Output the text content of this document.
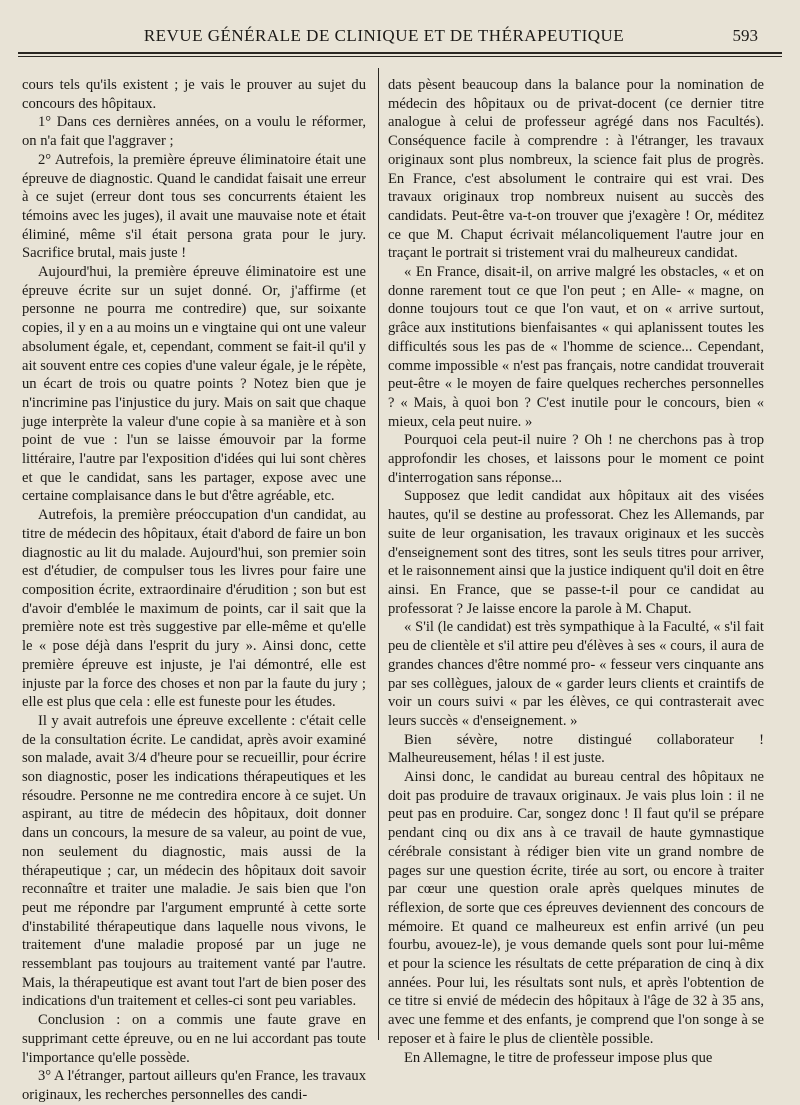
REVUE GÉNÉRALE DE CLINIQUE ET DE THÉRAPEUTIQUE	593

cours tels qu'ils existent ; je vais le prouver au sujet du concours des hôpitaux.

1° Dans ces dernières années, on a voulu le réformer, on n'a fait que l'aggraver ;

2° Autrefois, la première épreuve éliminatoire était une épreuve de diagnostic. Quand le candidat faisait une erreur à ce sujet (erreur dont tous ses concurrents étaient les témoins avec les juges), il avait une mauvaise note et était éliminé, même s'il était persona grata pour le jury. Sacrifice brutal, mais juste !

Aujourd'hui, la première épreuve éliminatoire est une épreuve écrite sur un sujet donné. Or, j'affirme (et personne ne pourra me contredire) que, sur soixante copies, il y en a au moins un e vingtaine qui ont une valeur absolument égale, et, cependant, comment se fait-il qu'il y ait souvent entre ces copies d'une valeur égale, je le répète, un écart de trois ou quatre points ? Notez bien que je n'incrimine pas l'injustice du jury. Mais on sait que chaque juge interprète la valeur d'une copie à sa manière et à son point de vue : l'un se laisse émouvoir par la forme littéraire, l'autre par l'exposition d'idées qui lui sont chères et que le candidat, sans les partager, expose avec une certaine complaisance dans le but d'être agréable, etc.

Autrefois, la première préoccupation d'un candidat, au titre de médecin des hôpitaux, était d'abord de faire un bon diagnostic au lit du malade. Aujourd'hui, son premier soin est d'étudier, de compulser tous les livres pour faire une composition écrite, extraordinaire d'érudition ; son but est d'avoir d'emblée le maximum de points, car il sait que la première note est très suggestive par elle-même et qu'elle le « pose déjà dans l'esprit du jury ». Ainsi donc, cette première épreuve est injuste, je l'ai démontré, elle est injuste par la force des choses et non par la faute du jury ; elle est plus que cela : elle est funeste pour les études.

Il y avait autrefois une épreuve excellente : c'était celle de la consultation écrite. Le candidat, après avoir examiné son malade, avait 3/4 d'heure pour se recueillir, pour écrire son diagnostic, poser les indications thérapeutiques et les résoudre. Personne ne me contredira encore à ce sujet. Un aspirant, au titre de médecin des hôpitaux, doit donner dans un concours, la mesure de sa valeur, au point de vue, non seulement du diagnostic, mais aussi de la thérapeutique ; car, un médecin des hôpitaux doit savoir reconnaître et traiter une maladie. Je sais bien que l'on peut me répondre par l'argument emprunté à cette sorte d'instabilité thérapeutique dans laquelle nous vivons, le traitement d'une maladie proposé par un juge ne ressemblant pas toujours au traitement vanté par l'autre. Mais, la thérapeutique est avant tout l'art de bien poser des indications d'un traitement et celles-ci sont peu variables.

Conclusion : on a commis une faute grave en supprimant cette épreuve, ou en ne lui accordant pas toute l'importance qu'elle possède.

3° A l'étranger, partout ailleurs qu'en France, les travaux originaux, les recherches personnelles des candi-

dats pèsent beaucoup dans la balance pour la nomination de médecin des hôpitaux ou de privat-docent (ce dernier titre analogue à celui de professeur agrégé dans nos Facultés). Conséquence facile à comprendre : à l'étranger, les travaux originaux sont plus nombreux, la science fait plus de progrès. En France, c'est absolument le contraire qui est vrai. Des travaux originaux trop nombreux nuisent au succès des candidats. Peut-être va-t-on trouver que j'exagère ! Or, méditez ce que M. Chaput écrivait mélancoliquement l'autre jour en traçant le portrait si tristement vrai du malheureux candidat.

« En France, disait-il, on arrive malgré les obstacles, « et on donne rarement tout ce que l'on peut ; en Alle- « magne, on donne toujours tout ce que l'on vaut, et on « arrive surtout, grâce aux institutions bienfaisantes « qui aplanissent toutes les difficultés sous les pas de « l'homme de science... Cependant, comme impossible « n'est pas français, notre candidat trouverait peut-être « le moyen de faire quelques recherches personnelles ? « Mais, à quoi bon ? C'est inutile pour le concours, bien « mieux, cela peut nuire. »

Pourquoi cela peut-il nuire ? Oh ! ne cherchons pas à trop approfondir les choses, et laissons pour le moment ce point d'interrogation sans réponse...

Supposez que ledit candidat aux hôpitaux ait des visées hautes, qu'il se destine au professorat. Chez les Allemands, par suite de leur organisation, les travaux originaux et les succès d'enseignement sont des titres, sont les seuls titres pour arriver, et le raisonnement ainsi que la justice indiquent qu'il doit en être ainsi. En France, que se passe-t-il pour ce candidat au professorat ? Je laisse encore la parole à M. Chaput.

« S'il (le candidat) est très sympathique à la Faculté, « s'il fait peu de clientèle et s'il attire peu d'élèves à ses « cours, il aura de grandes chances d'être nommé pro- « fesseur vers cinquante ans par ses collègues, jaloux de « garder leurs clients et craintifs de voir un cours suivi « par les élèves, ce qui contrasterait avec leurs succès « d'enseignement. »

Bien sévère, notre distingué collaborateur ! Malheureusement, hélas ! il est juste.

Ainsi donc, le candidat au bureau central des hôpitaux ne doit pas produire de travaux originaux. Je vais plus loin : il ne peut pas en produire. Car, songez donc ! Il faut qu'il se prépare pendant cinq ou dix ans à ce travail de haute gymnastique cérébrale consistant à rédiger bien vite un grand nombre de pages sur une question écrite, tirée au sort, ou encore à traiter par cœur une question orale après quelques minutes de réflexion, de sorte que ces épreuves deviennent des concours de mémoire. Et quand ce malheureux est enfin arrivé (un peu fourbu, avouez-le), je vous demande quels sont pour lui-même et pour la science les résultats de cette préparation de cinq à dix années. Pour lui, les résultats sont nuls, et après l'obtention de ce titre si envié de médecin des hôpitaux à l'âge de 32 à 35 ans, avec une femme et des enfants, je comprend que l'on songe à se reposer et à faire le plus de clientèle possible.

En Allemagne, le titre de professeur impose plus que
